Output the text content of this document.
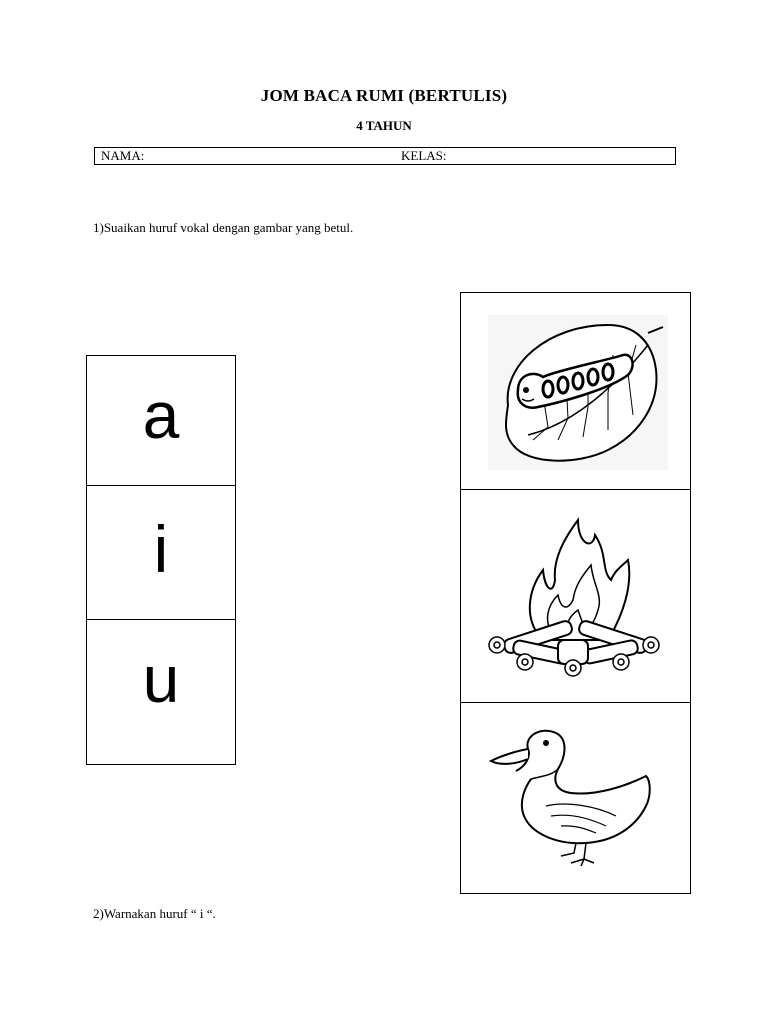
JOM BACA RUMI (BERTULIS)
4 TAHUN
NAMA:	KELAS:
1)Suaikan huruf vokal dengan gambar yang betul.
a
i
u
2)Warnakan huruf “ i “.
